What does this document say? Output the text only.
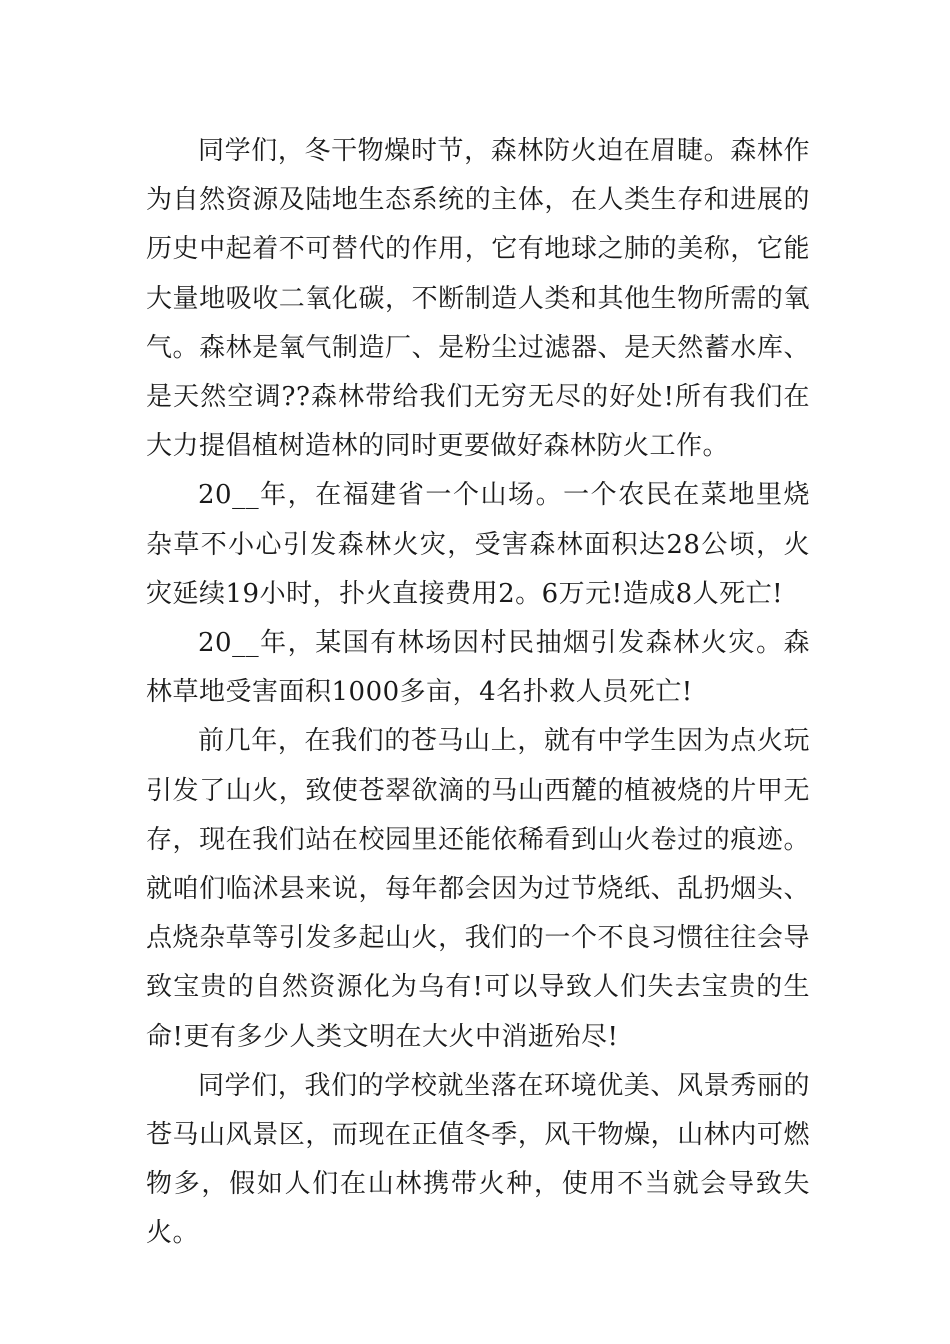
同学们，冬干物燥时节，森林防火迫在眉睫。森林作为自然资源及陆地生态系统的主体，在人类生存和进展的历史中起着不可替代的作用，它有地球之肺的美称，它能大量地吸收二氧化碳，不断制造人类和其他生物所需的氧气。森林是氧气制造厂、是粉尘过滤器、是天然蓄水库、是天然空调??森林带给我们无穷无尽的好处!所有我们在大力提倡植树造林的同时更要做好森林防火工作。

20__年，在福建省一个山场。一个农民在菜地里烧杂草不小心引发森林火灾，受害森林面积达28公顷，火灾延续19小时，扑火直接费用2。6万元!造成8人死亡!

20__年，某国有林场因村民抽烟引发森林火灾。森林草地受害面积1000多亩，4名扑救人员死亡!

前几年，在我们的苍马山上，就有中学生因为点火玩引发了山火，致使苍翠欲滴的马山西麓的植被烧的片甲无存，现在我们站在校园里还能依稀看到山火卷过的痕迹。就咱们临沭县来说，每年都会因为过节烧纸、乱扔烟头、点烧杂草等引发多起山火，我们的一个不良习惯往往会导致宝贵的自然资源化为乌有!可以导致人们失去宝贵的生命!更有多少人类文明在大火中消逝殆尽!

同学们，我们的学校就坐落在环境优美、风景秀丽的苍马山风景区，而现在正值冬季，风干物燥，山林内可燃物多，假如人们在山林携带火种，使用不当就会导致失火。
